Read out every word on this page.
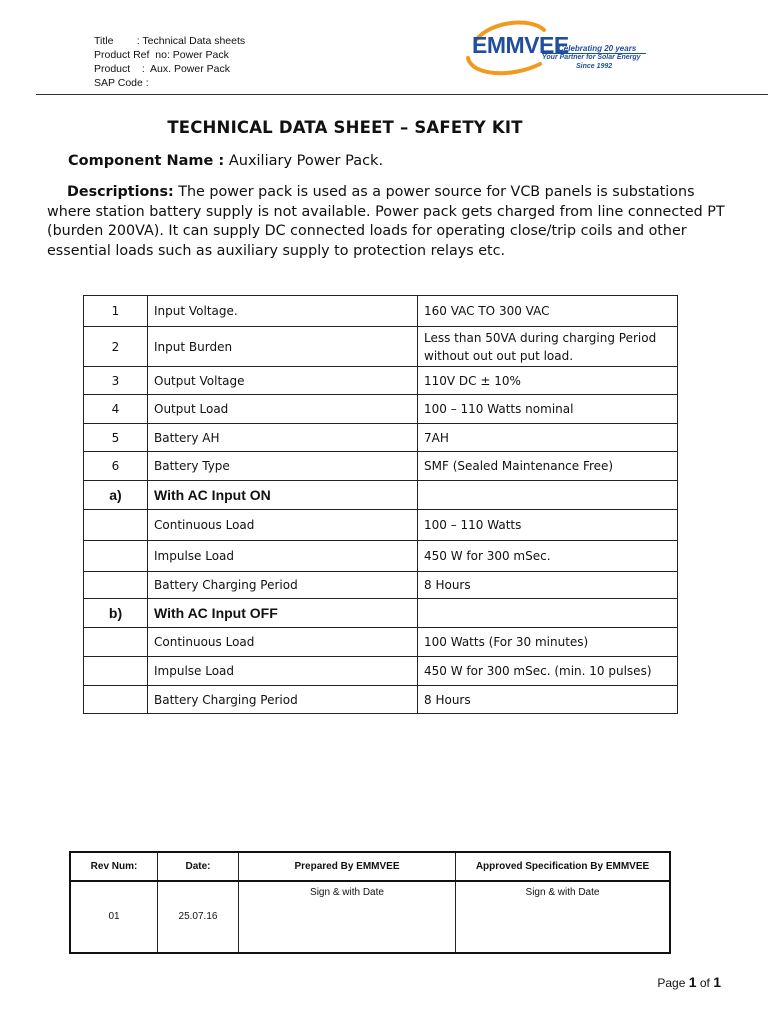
Title        : Technical Data sheets
Product Ref  no: Power Pack
Product    :  Aux. Power Pack
SAP Code :
EMMVEE
Celebrating 20 years
Your Partner for Solar Energy
Since 1992
TECHNICAL DATA SHEET – SAFETY KIT
Component Name : Auxiliary Power Pack.
Descriptions: The power pack is used as a power source for VCB panels is substations where station battery supply is not available. Power pack gets charged from line connected PT (burden 200VA). It can supply DC connected loads for operating close/trip coils and other essential loads such as auxiliary supply to protection relays etc.
1	Input Voltage.	160 VAC TO 300 VAC
2	Input Burden	Less than 50VA during charging Period without out out put load.
3	Output Voltage	110V DC ± 10%
4	Output Load	100 – 110 Watts nominal
5	Battery AH	7AH
6	Battery Type	SMF (Sealed Maintenance Free)
a)	With AC Input ON	
	Continuous Load	100 – 110 Watts
	Impulse Load	450 W for 300 mSec.
	Battery Charging Period	8 Hours
b)	With AC Input OFF	
	Continuous Load	100 Watts (For 30 minutes)
	Impulse Load	450 W for 300 mSec. (min. 10 pulses)
	Battery Charging Period	8 Hours
Rev Num:	Date:	Prepared By EMMVEE	Approved Specification By EMMVEE
01	25.07.16	Sign & with Date	Sign & with Date
Page 1 of 1
